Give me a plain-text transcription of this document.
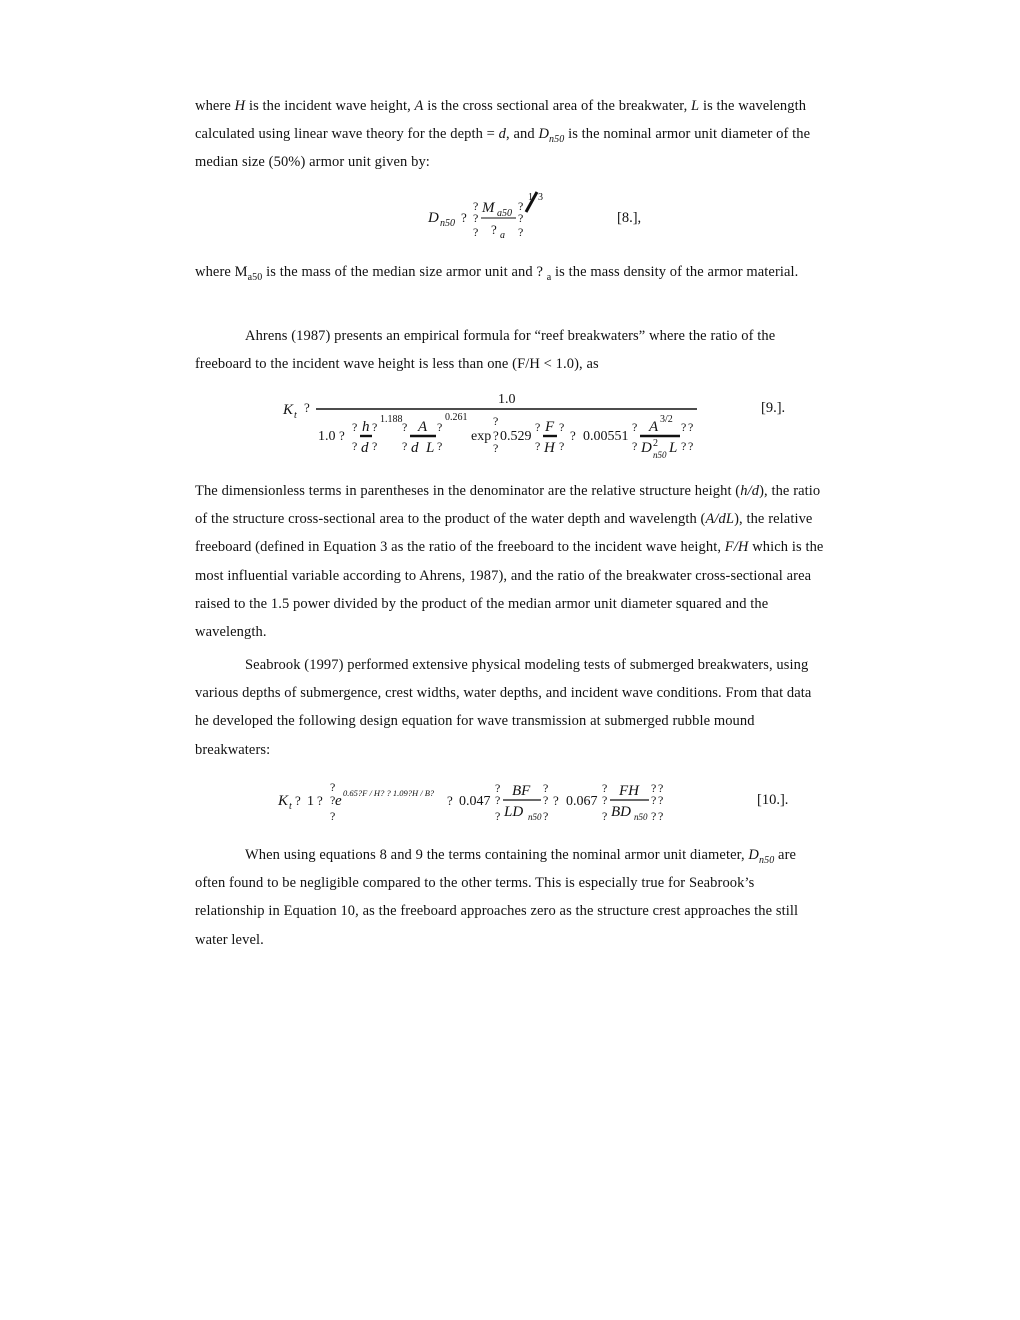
where H is the incident wave height, A is the cross sectional area of the breakwater, L is the wavelength calculated using linear wave theory for the depth = d, and $D_{n50}$ is the nominal armor unit diameter of the median size (50%) armor unit given by:
D n50 ?
?
?
?
M a50
? a
?
?
?
1 3
[8.],
where $M_{a50}$ is the mass of the median size armor unit and ? $_a$ is the mass density of the armor material.
Ahrens (1987) presents an empirical formula for “reef breakwaters” where the ratio of the freeboard to the incident wave height is less than one (F/H < 1.0), as
K t
?
1.0
1.0 ?
?
?
h
d
?
?
1.188
?
?
A
d L
?
?
0.261 ?
exp
?
? 0.529
?
?
F
H
?
?
? 0.00551
?
?
A 3/2
D 2
n50 L
? ?
? ?
[9.].
The dimensionless terms in parentheses in the denominator are the relative structure height (h/d), the ratio of the structure cross-sectional area to the product of the water depth and wavelength (A/dL), the relative freeboard (defined in Equation 3 as the ratio of the freeboard to the incident wave height, F/H which is the most influential variable according to Ahrens, 1987), and the ratio of the breakwater cross-sectional area raised to the 1.5 power divided by the product of the median armor unit diameter squared and the wavelength.
Seabrook (1997) performed extensive physical modeling tests of submerged breakwaters, using various depths of submergence, crest widths, water depths, and incident wave conditions. From that data he developed the following design equation for wave transmission at submerged rubble mound breakwaters:
K t ? 1 ?
?
?
?
e 0.65?F / H? ? 1.09?H / B? ? 0.047
?
?
?
BF
LD n50
?
?
?
? 0.067
?
?
?
FH
BD n50
? ?
? ?
? ?
[10.].
When using equations 8 and 9 the terms containing the nominal armor unit diameter, $D_{n50}$ are often found to be negligible compared to the other terms. This is especially true for Seabrook’s relationship in Equation 10, as the freeboard approaches zero as the structure crest approaches the still water level.
